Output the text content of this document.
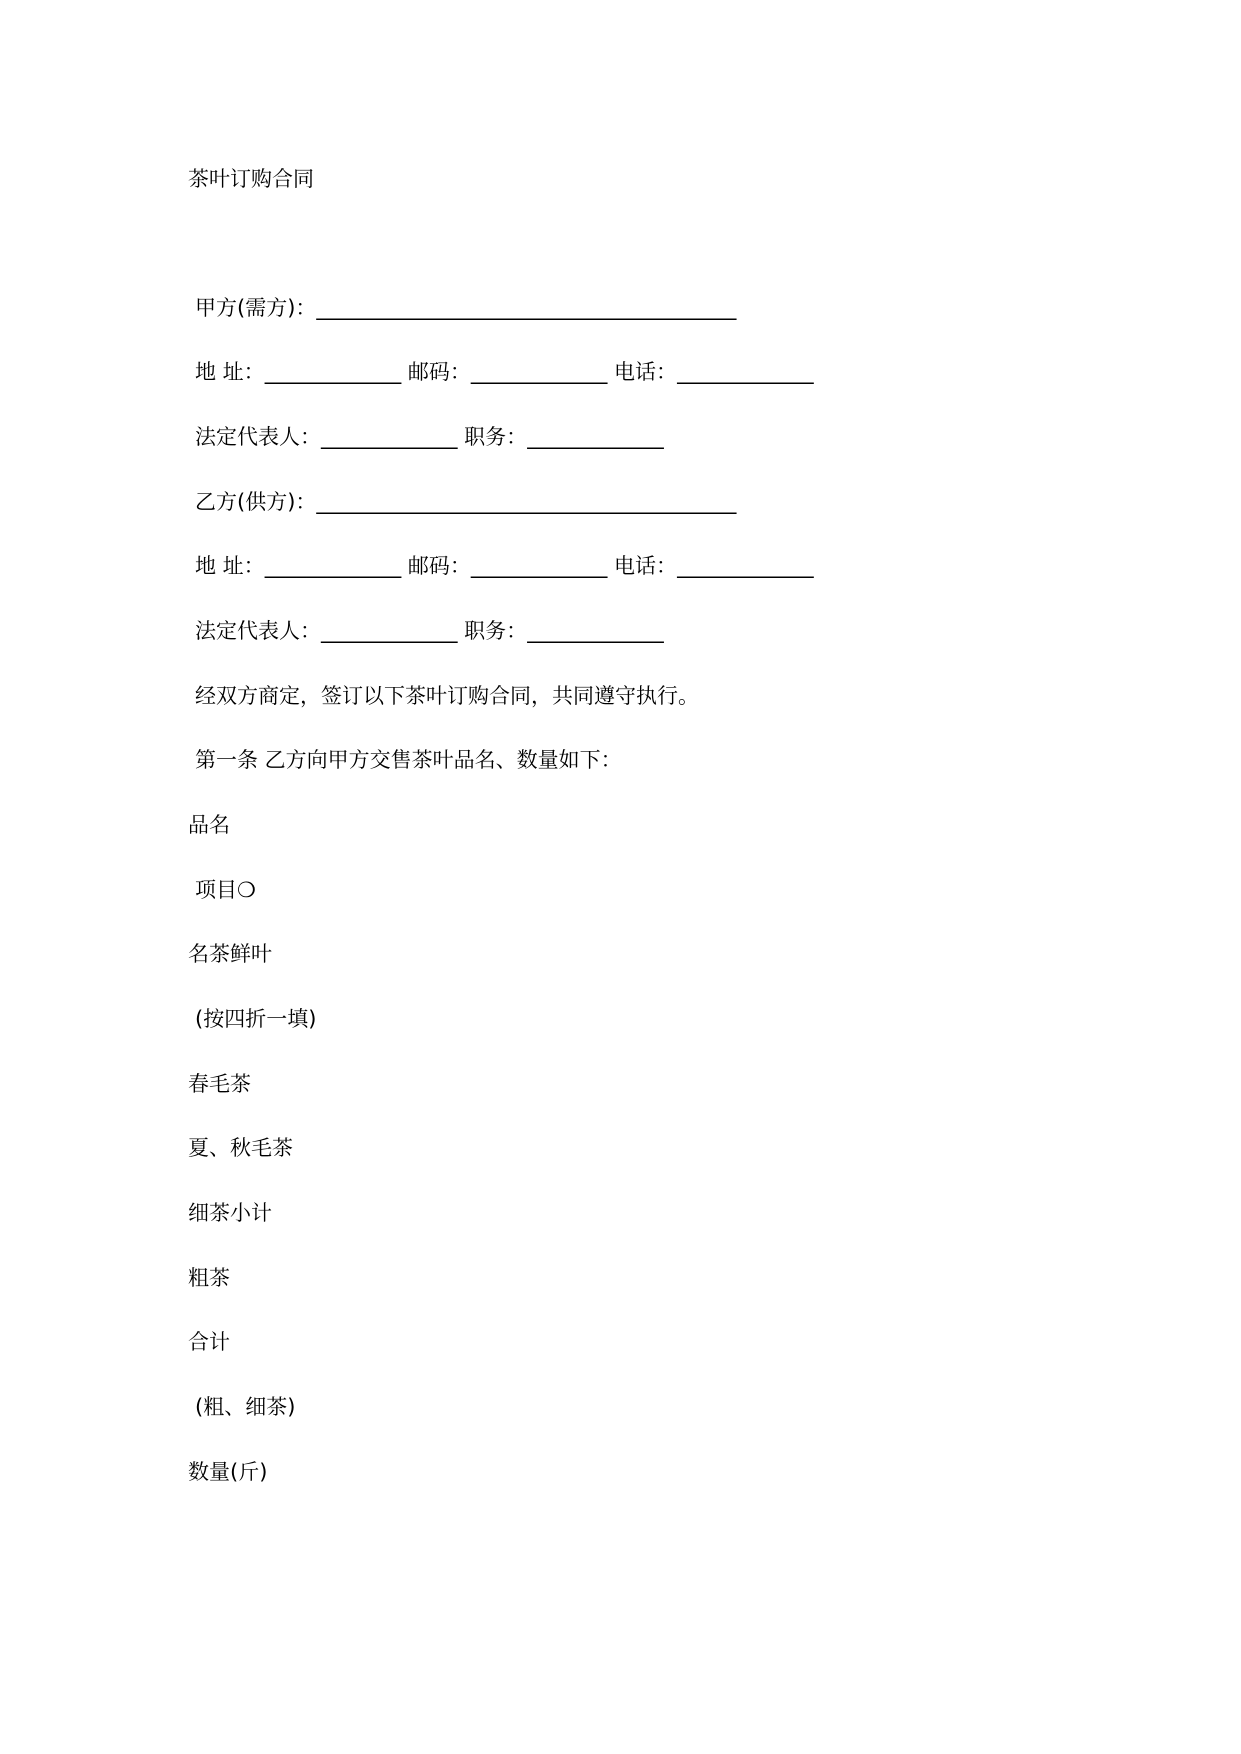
茶叶订购合同
甲方(需方)：________________________________________
地 址：_____________ 邮码：_____________ 电话：_____________
法定代表人：_____________ 职务：_____________
乙方(供方)：________________________________________
地 址：_____________ 邮码：_____________ 电话：_____________
法定代表人：_____________ 职务：_____________
经双方商定，签订以下茶叶订购合同，共同遵守执行。
第一条 乙方向甲方交售茶叶品名、数量如下：
品名
项目❍
名茶鲜叶
(按四折一填)
春毛茶
夏、秋毛茶
细茶小计
粗茶
合计
(粗、细茶)
数量(斤)
